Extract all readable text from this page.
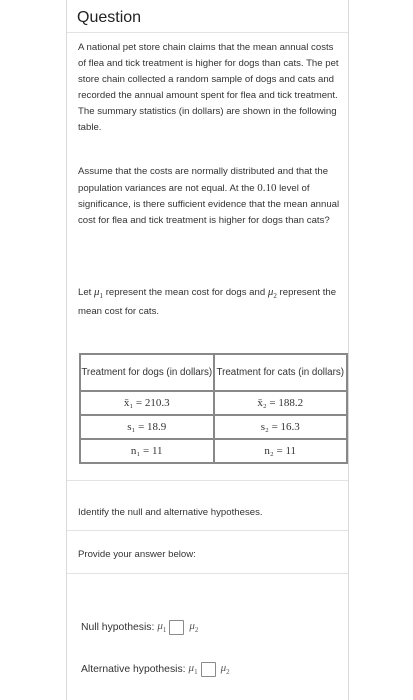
Question
A national pet store chain claims that the mean annual costs of flea and tick treatment is higher for dogs than cats. The pet store chain collected a random sample of dogs and cats and recorded the annual amount spent for flea and tick treatment. The summary statistics (in dollars) are shown in the following table.
Assume that the costs are normally distributed and that the population variances are not equal. At the 0.10 level of significance, is there sufficient evidence that the mean annual cost for flea and tick treatment is higher for dogs than cats?
Let $\mu_1$ represent the mean cost for dogs and $\mu_2$ represent the mean cost for cats.
Treatment for dogs (in dollars)	Treatment for cats (in dollars)
x̄₁ = 210.3	x̄₂ = 188.2
s₁ = 18.9	s₂ = 16.3
n₁ = 11	n₂ = 11
Identify the null and alternative hypotheses.
Provide your answer below:
Null hypothesis: $\mu_1$ $\mu_2$
Alternative hypothesis: $\mu_1$ $\mu_2$
